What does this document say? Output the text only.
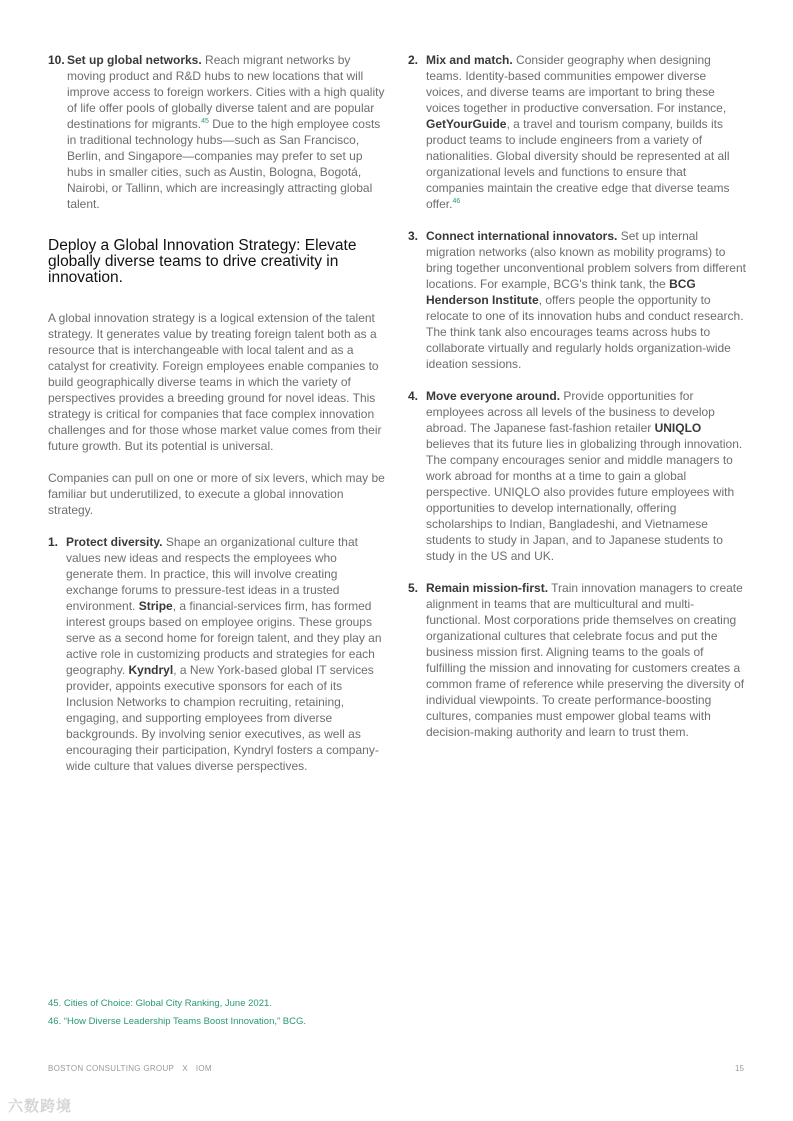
10. Set up global networks. Reach migrant networks by moving product and R&D hubs to new locations that will improve access to foreign workers. Cities with a high quality of life offer pools of globally diverse talent and are popular destinations for migrants.$^{45}$ Due to the high employee costs in traditional technology hubs—such as San Francisco, Berlin, and Singapore—companies may prefer to set up hubs in smaller cities, such as Austin, Bologna, Bogotá, Nairobi, or Tallinn, which are increasingly attracting global talent.

Deploy a Global Innovation Strategy: Elevate globally diverse teams to drive creativity in innovation.

A global innovation strategy is a logical extension of the talent strategy. It generates value by treating foreign talent both as a resource that is interchangeable with local talent and as a catalyst for creativity. Foreign employees enable companies to build geographically diverse teams in which the variety of perspectives provides a breeding ground for novel ideas. This strategy is critical for companies that face complex innovation challenges and for those whose market value comes from their future growth. But its potential is universal.

Companies can pull on one or more of six levers, which may be familiar but underutilized, to execute a global innovation strategy.

1. Protect diversity. Shape an organizational culture that values new ideas and respects the employees who generate them. In practice, this will involve creating exchange forums to pressure-test ideas in a trusted environment. Stripe, a financial-services firm, has formed interest groups based on employee origins. These groups serve as a second home for foreign talent, and they play an active role in customizing products and strategies for each geography. Kyndryl, a New York-based global IT services provider, appoints executive sponsors for each of its Inclusion Networks to champion recruiting, retaining, engaging, and supporting employees from diverse backgrounds. By involving senior executives, as well as encouraging their participation, Kyndryl fosters a company-wide culture that values diverse perspectives.

2. Mix and match. Consider geography when designing teams. Identity-based communities empower diverse voices, and diverse teams are important to bring these voices together in productive conversation. For instance, GetYourGuide, a travel and tourism company, builds its product teams to include engineers from a variety of nationalities. Global diversity should be represented at all organizational levels and functions to ensure that companies maintain the creative edge that diverse teams offer.$^{46}$

3. Connect international innovators. Set up internal migration networks (also known as mobility programs) to bring together unconventional problem solvers from different locations. For example, BCG's think tank, the BCG Henderson Institute, offers people the opportunity to relocate to one of its innovation hubs and conduct research. The think tank also encourages teams across hubs to collaborate virtually and regularly holds organization-wide ideation sessions.

4. Move everyone around. Provide opportunities for employees across all levels of the business to develop abroad. The Japanese fast-fashion retailer UNIQLO believes that its future lies in globalizing through innovation. The company encourages senior and middle managers to work abroad for months at a time to gain a global perspective. UNIQLO also provides future employees with opportunities to develop internationally, offering scholarships to Indian, Bangladeshi, and Vietnamese students to study in Japan, and to Japanese students to study in the US and UK.

5. Remain mission-first. Train innovation managers to create alignment in teams that are multicultural and multi-functional. Most corporations pride themselves on creating organizational cultures that celebrate focus and put the business mission first. Aligning teams to the goals of fulfilling the mission and innovating for customers creates a common frame of reference while preserving the diversity of individual viewpoints. To create performance-boosting cultures, companies must empower global teams with decision-making authority and learn to trust them.

45. Cities of Choice: Global City Ranking, June 2021.
46. “How Diverse Leadership Teams Boost Innovation,” BCG.
BOSTON CONSULTING GROUP X IOM	15
六数跨境
